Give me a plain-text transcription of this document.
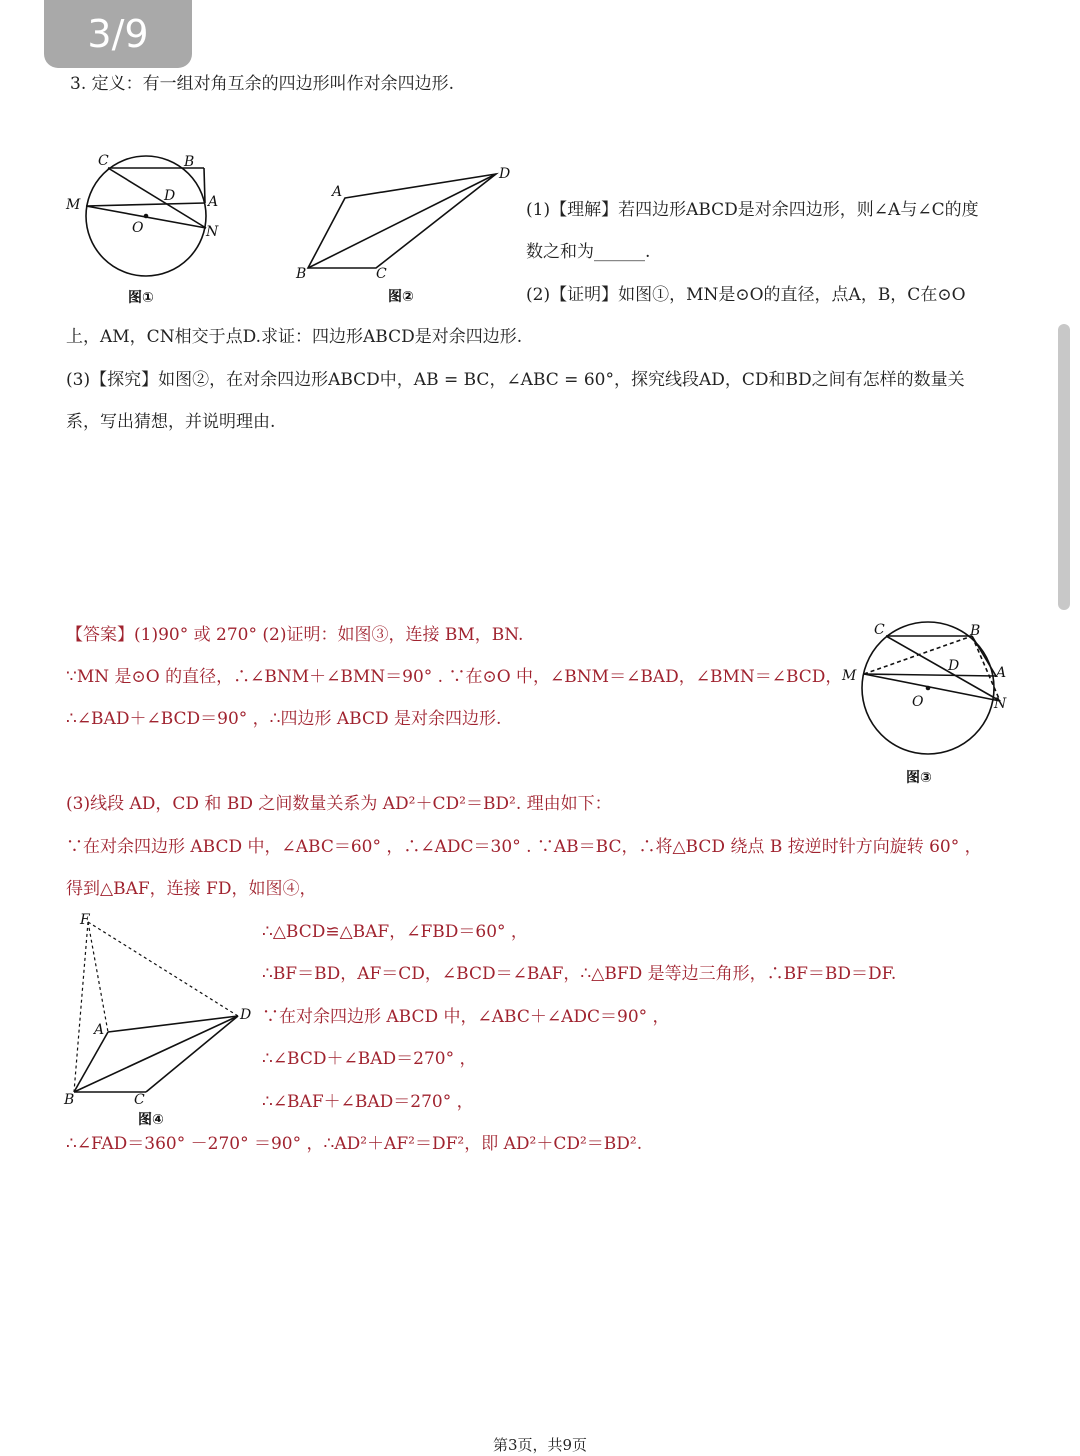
3/9
3. 定义：有一组对角互余的四边形叫作对余四边形.
C	B
M
D A
O	N
图①
A
D
B	C
图②
(1)【理解】若四边形ABCD是对余四边形，则∠A与∠C的度
数之和为______.
(2)【证明】如图①，MN是⊙O的直径，点A，B，C在⊙O
上，AM，CN相交于点D.求证：四边形ABCD是对余四边形.
(3)【探究】如图②，在对余四边形ABCD中，AB = BC，∠ABC = 60°，探究线段AD，CD和BD之间有怎样的数量关
系，写出猜想，并说明理由.
【答案】(1)90° 或 270° (2)证明：如图③，连接 BM，BN.
∵MN 是⊙O 的直径，∴∠BNM＋∠BMN＝90° . ∵在⊙O 中，∠BNM＝∠BAD，∠BMN＝∠BCD，
∴∠BAD＋∠BCD＝90° ，∴四边形 ABCD 是对余四边形.
C	B
M
D	A
O	N
图③
(3)线段 AD，CD 和 BD 之间数量关系为 AD²＋CD²＝BD². 理由如下：
∵在对余四边形 ABCD 中，∠ABC＝60° ，∴∠ADC＝30° . ∵AB＝BC，∴将△BCD 绕点 B 按逆时针方向旋转 60° ，
得到△BAF，连接 FD，如图④，
F
A
D
B	C
图④
∴△BCD≌△BAF，∠FBD＝60° ，
∴BF＝BD，AF＝CD，∠BCD＝∠BAF，∴△BFD 是等边三角形，∴BF＝BD＝DF.
∵在对余四边形 ABCD 中，∠ABC＋∠ADC＝90° ，
∴∠BCD＋∠BAD＝270° ，
∴∠BAF＋∠BAD＝270° ，
∴∠FAD＝360° －270° ＝90° ，∴AD²＋AF²＝DF²，即 AD²＋CD²＝BD².
第3页，共9页
